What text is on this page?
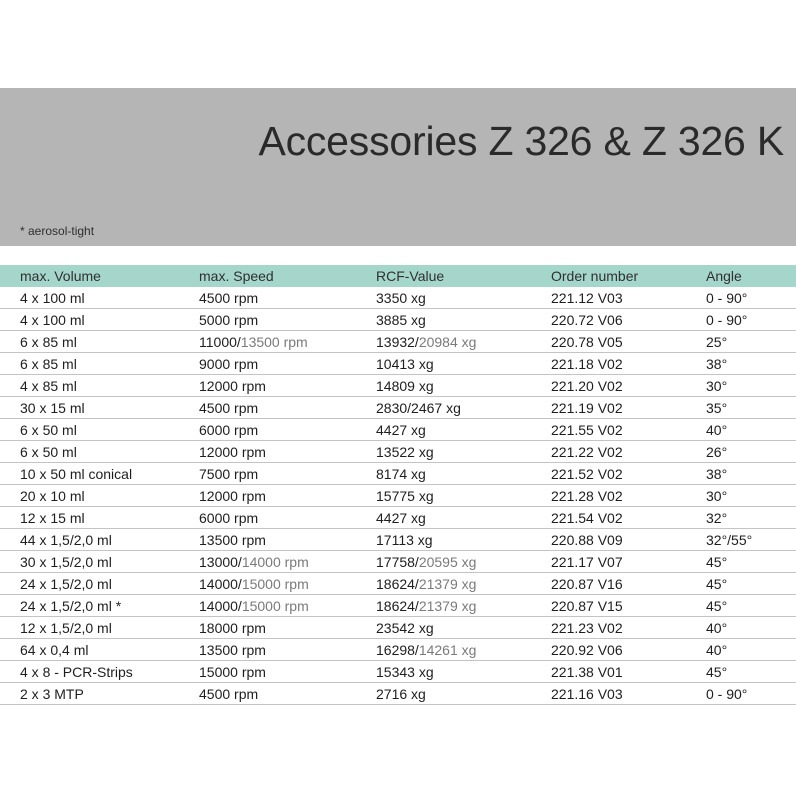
Accessories Z 326 & Z 326 K

* aerosol-tight

max. Volume	max. Speed	RCF-Value	Order number	Angle
4 x 100 ml	4500 rpm	3350 xg	221.12 V03	0 - 90°
4 x 100 ml	5000 rpm	3885 xg	220.72 V06	0 - 90°
6 x 85 ml	11000/13500 rpm	13932/20984 xg	220.78 V05	25°
6 x 85 ml	9000 rpm	10413 xg	221.18 V02	38°
4 x 85 ml	12000 rpm	14809 xg	221.20 V02	30°
30 x 15 ml	4500 rpm	2830/2467 xg	221.19 V02	35°
6 x 50 ml	6000 rpm	4427 xg	221.55 V02	40°
6 x 50 ml	12000 rpm	13522 xg	221.22 V02	26°
10 x 50 ml conical	7500 rpm	8174 xg	221.52 V02	38°
20 x 10 ml	12000 rpm	15775 xg	221.28 V02	30°
12 x 15 ml	6000 rpm	4427 xg	221.54 V02	32°
44 x 1,5/2,0 ml	13500 rpm	17113 xg	220.88 V09	32°/55°
30 x 1,5/2,0 ml	13000/14000 rpm	17758/20595 xg	221.17 V07	45°
24 x 1,5/2,0 ml	14000/15000 rpm	18624/21379 xg	220.87 V16	45°
24 x 1,5/2,0 ml *	14000/15000 rpm	18624/21379 xg	220.87 V15	45°
12 x 1,5/2,0 ml	18000 rpm	23542 xg	221.23 V02	40°
64 x 0,4 ml	13500 rpm	16298/14261 xg	220.92 V06	40°
4 x 8 - PCR-Strips	15000 rpm	15343 xg	221.38 V01	45°
2 x 3 MTP	4500 rpm	2716 xg	221.16 V03	0 - 90°
